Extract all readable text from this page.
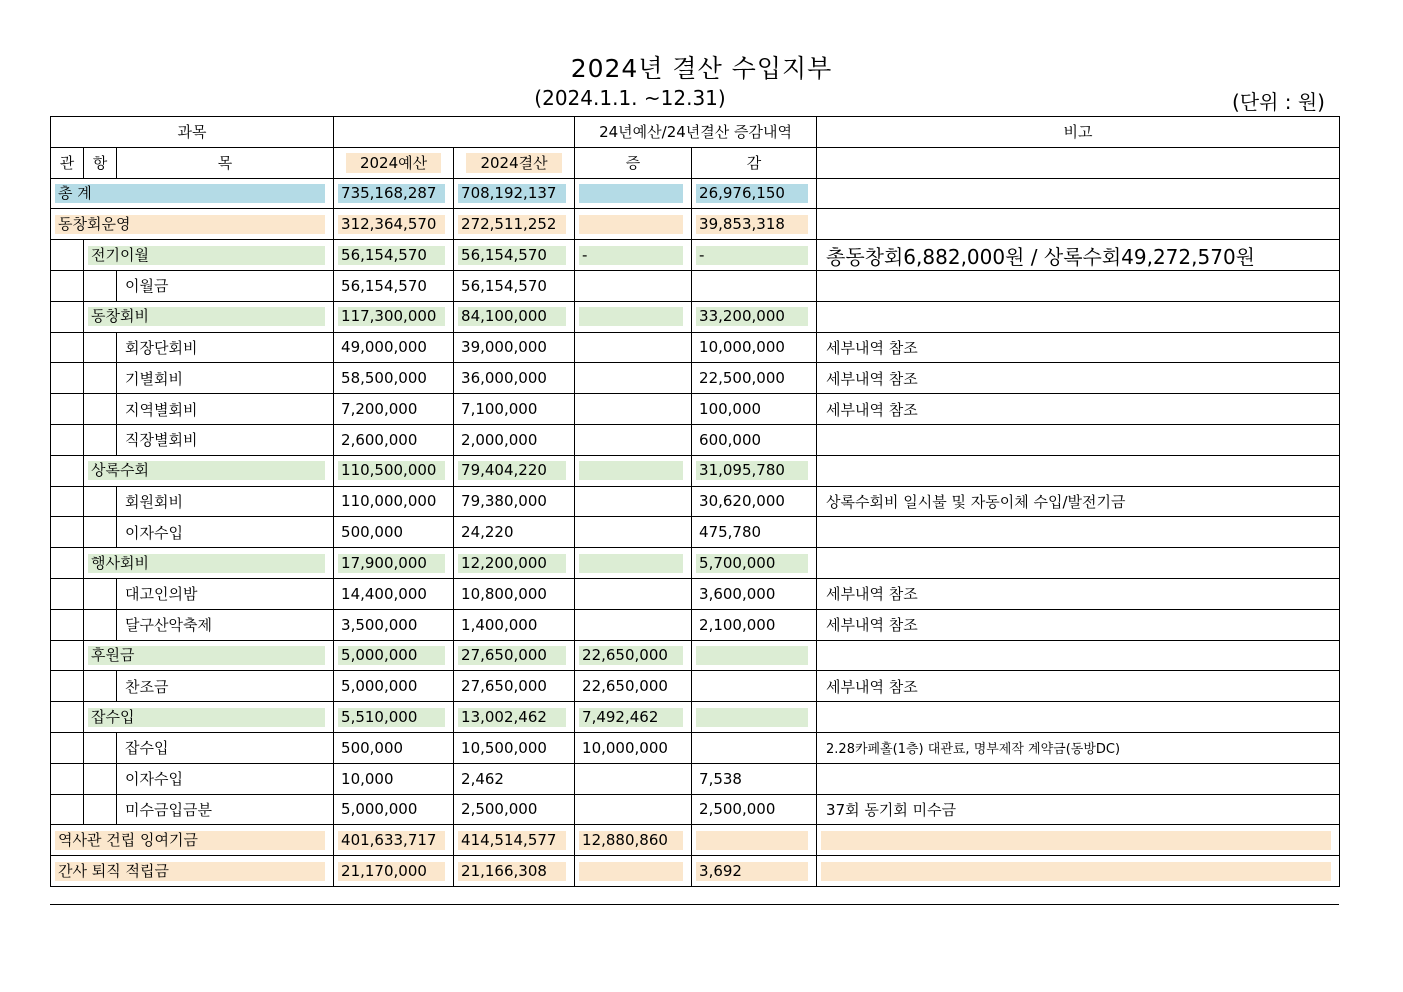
2024년 결산 수입지부
(2024.1.1. ~12.31)	(단위 : 원)
과목					24년예산/24년결산 증감내역		비고
관	항	목	2024예산	2024결산	증	감	

총 계			735,168,287	708,192,137		26,976,150	

동창회운영			312,364,570	272,511,252		39,853,318	

	전기이월		56,154,570	56,154,570	-	-	총동창회6,882,000원 / 상록수회49,272,570원
		이월금	56,154,570	56,154,570			

	동창회비		117,300,000	84,100,000		33,200,000	

		회장단회비	49,000,000	39,000,000		10,000,000	세부내역 참조
		기별회비	58,500,000	36,000,000		22,500,000	세부내역 참조
		지역별회비	7,200,000	7,100,000		100,000	세부내역 참조
		직장별회비	2,600,000	2,000,000		600,000	

	상록수회		110,500,000	79,404,220		31,095,780	

		회원회비	110,000,000	79,380,000		30,620,000	상록수회비 일시불 및 자동이체 수입/발전기금
		이자수입	500,000	24,220		475,780	

	행사회비		17,900,000	12,200,000		5,700,000	

		대고인의밤	14,400,000	10,800,000		3,600,000	세부내역 참조
		달구산악축제	3,500,000	1,400,000		2,100,000	세부내역 참조

	후원금		5,000,000	27,650,000	22,650,000		

		찬조금	5,000,000	27,650,000	22,650,000		세부내역 참조

	잡수입		5,510,000	13,002,462	7,492,462		

		잡수입	500,000	10,500,000	10,000,000		2.28카페홀(1층) 대관료, 명부제작 계약금(동방DC)
		이자수입	10,000	2,462		7,538	
		미수금입금분	5,000,000	2,500,000		2,500,000	37회 동기회 미수금

역사관 건립 잉여기금			401,633,717	414,514,577	12,880,860		

간사 퇴직 적립금			21,170,000	21,166,308		3,692	
